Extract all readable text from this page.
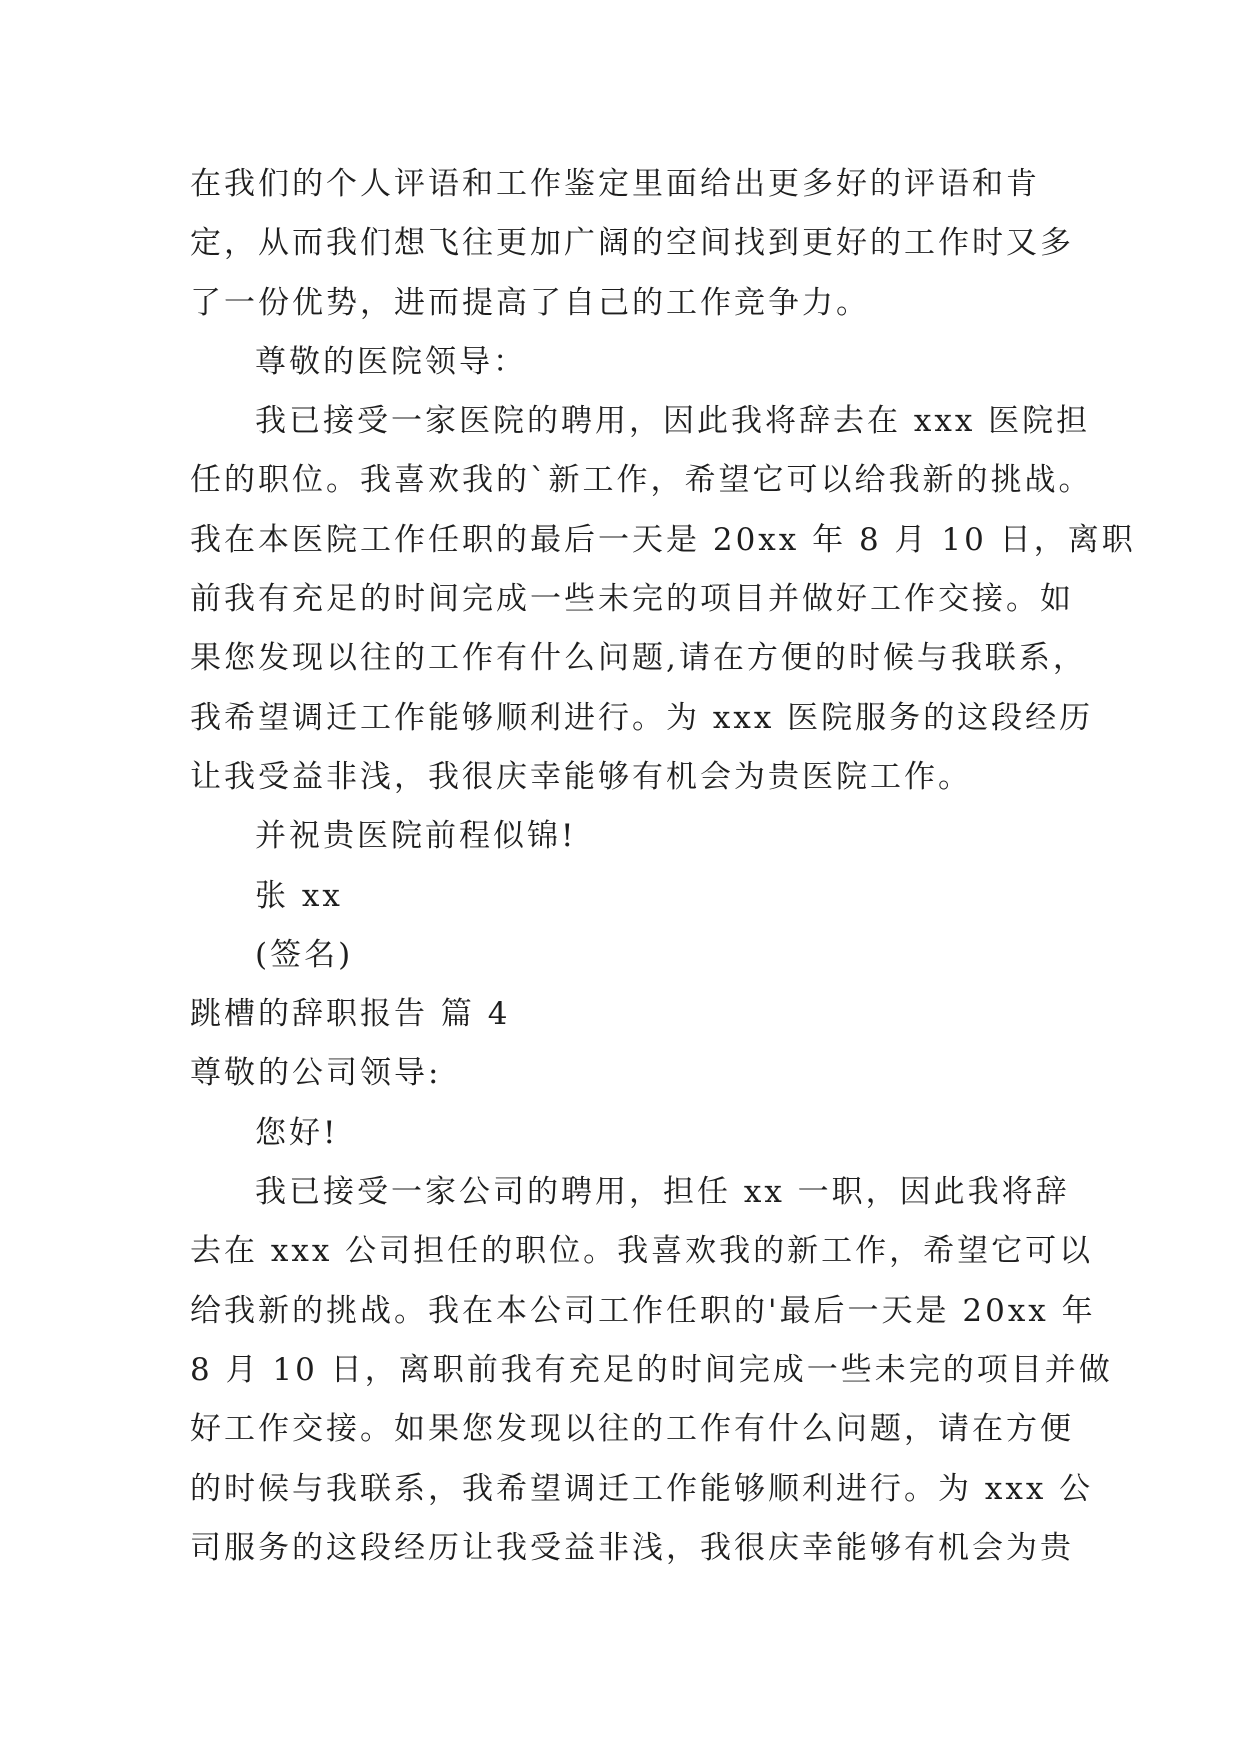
在我们的个人评语和工作鉴定里面给出更多好的评语和肯
定，从而我们想飞往更加广阔的空间找到更好的工作时又多
了一份优势，进而提高了自己的工作竞争力。
尊敬的医院领导：
我已接受一家医院的聘用，因此我将辞去在 xxx 医院担
任的职位。我喜欢我的`新工作，希望它可以给我新的挑战。
我在本医院工作任职的最后一天是 20xx 年 8 月 10 日，离职
前我有充足的时间完成一些未完的项目并做好工作交接。如
果您发现以往的工作有什么问题,请在方便的时候与我联系，
我希望调迁工作能够顺利进行。为 xxx 医院服务的这段经历
让我受益非浅，我很庆幸能够有机会为贵医院工作。
并祝贵医院前程似锦!
张 xx
(签名)
跳槽的辞职报告 篇 4
尊敬的公司领导:
您好!
我已接受一家公司的聘用，担任 xx 一职，因此我将辞
去在 xxx 公司担任的职位。我喜欢我的新工作，希望它可以
给我新的挑战。我在本公司工作任职的'最后一天是 20xx 年
8 月 10 日，离职前我有充足的时间完成一些未完的项目并做
好工作交接。如果您发现以往的工作有什么问题，请在方便
的时候与我联系，我希望调迁工作能够顺利进行。为 xxx 公
司服务的这段经历让我受益非浅，我很庆幸能够有机会为贵
